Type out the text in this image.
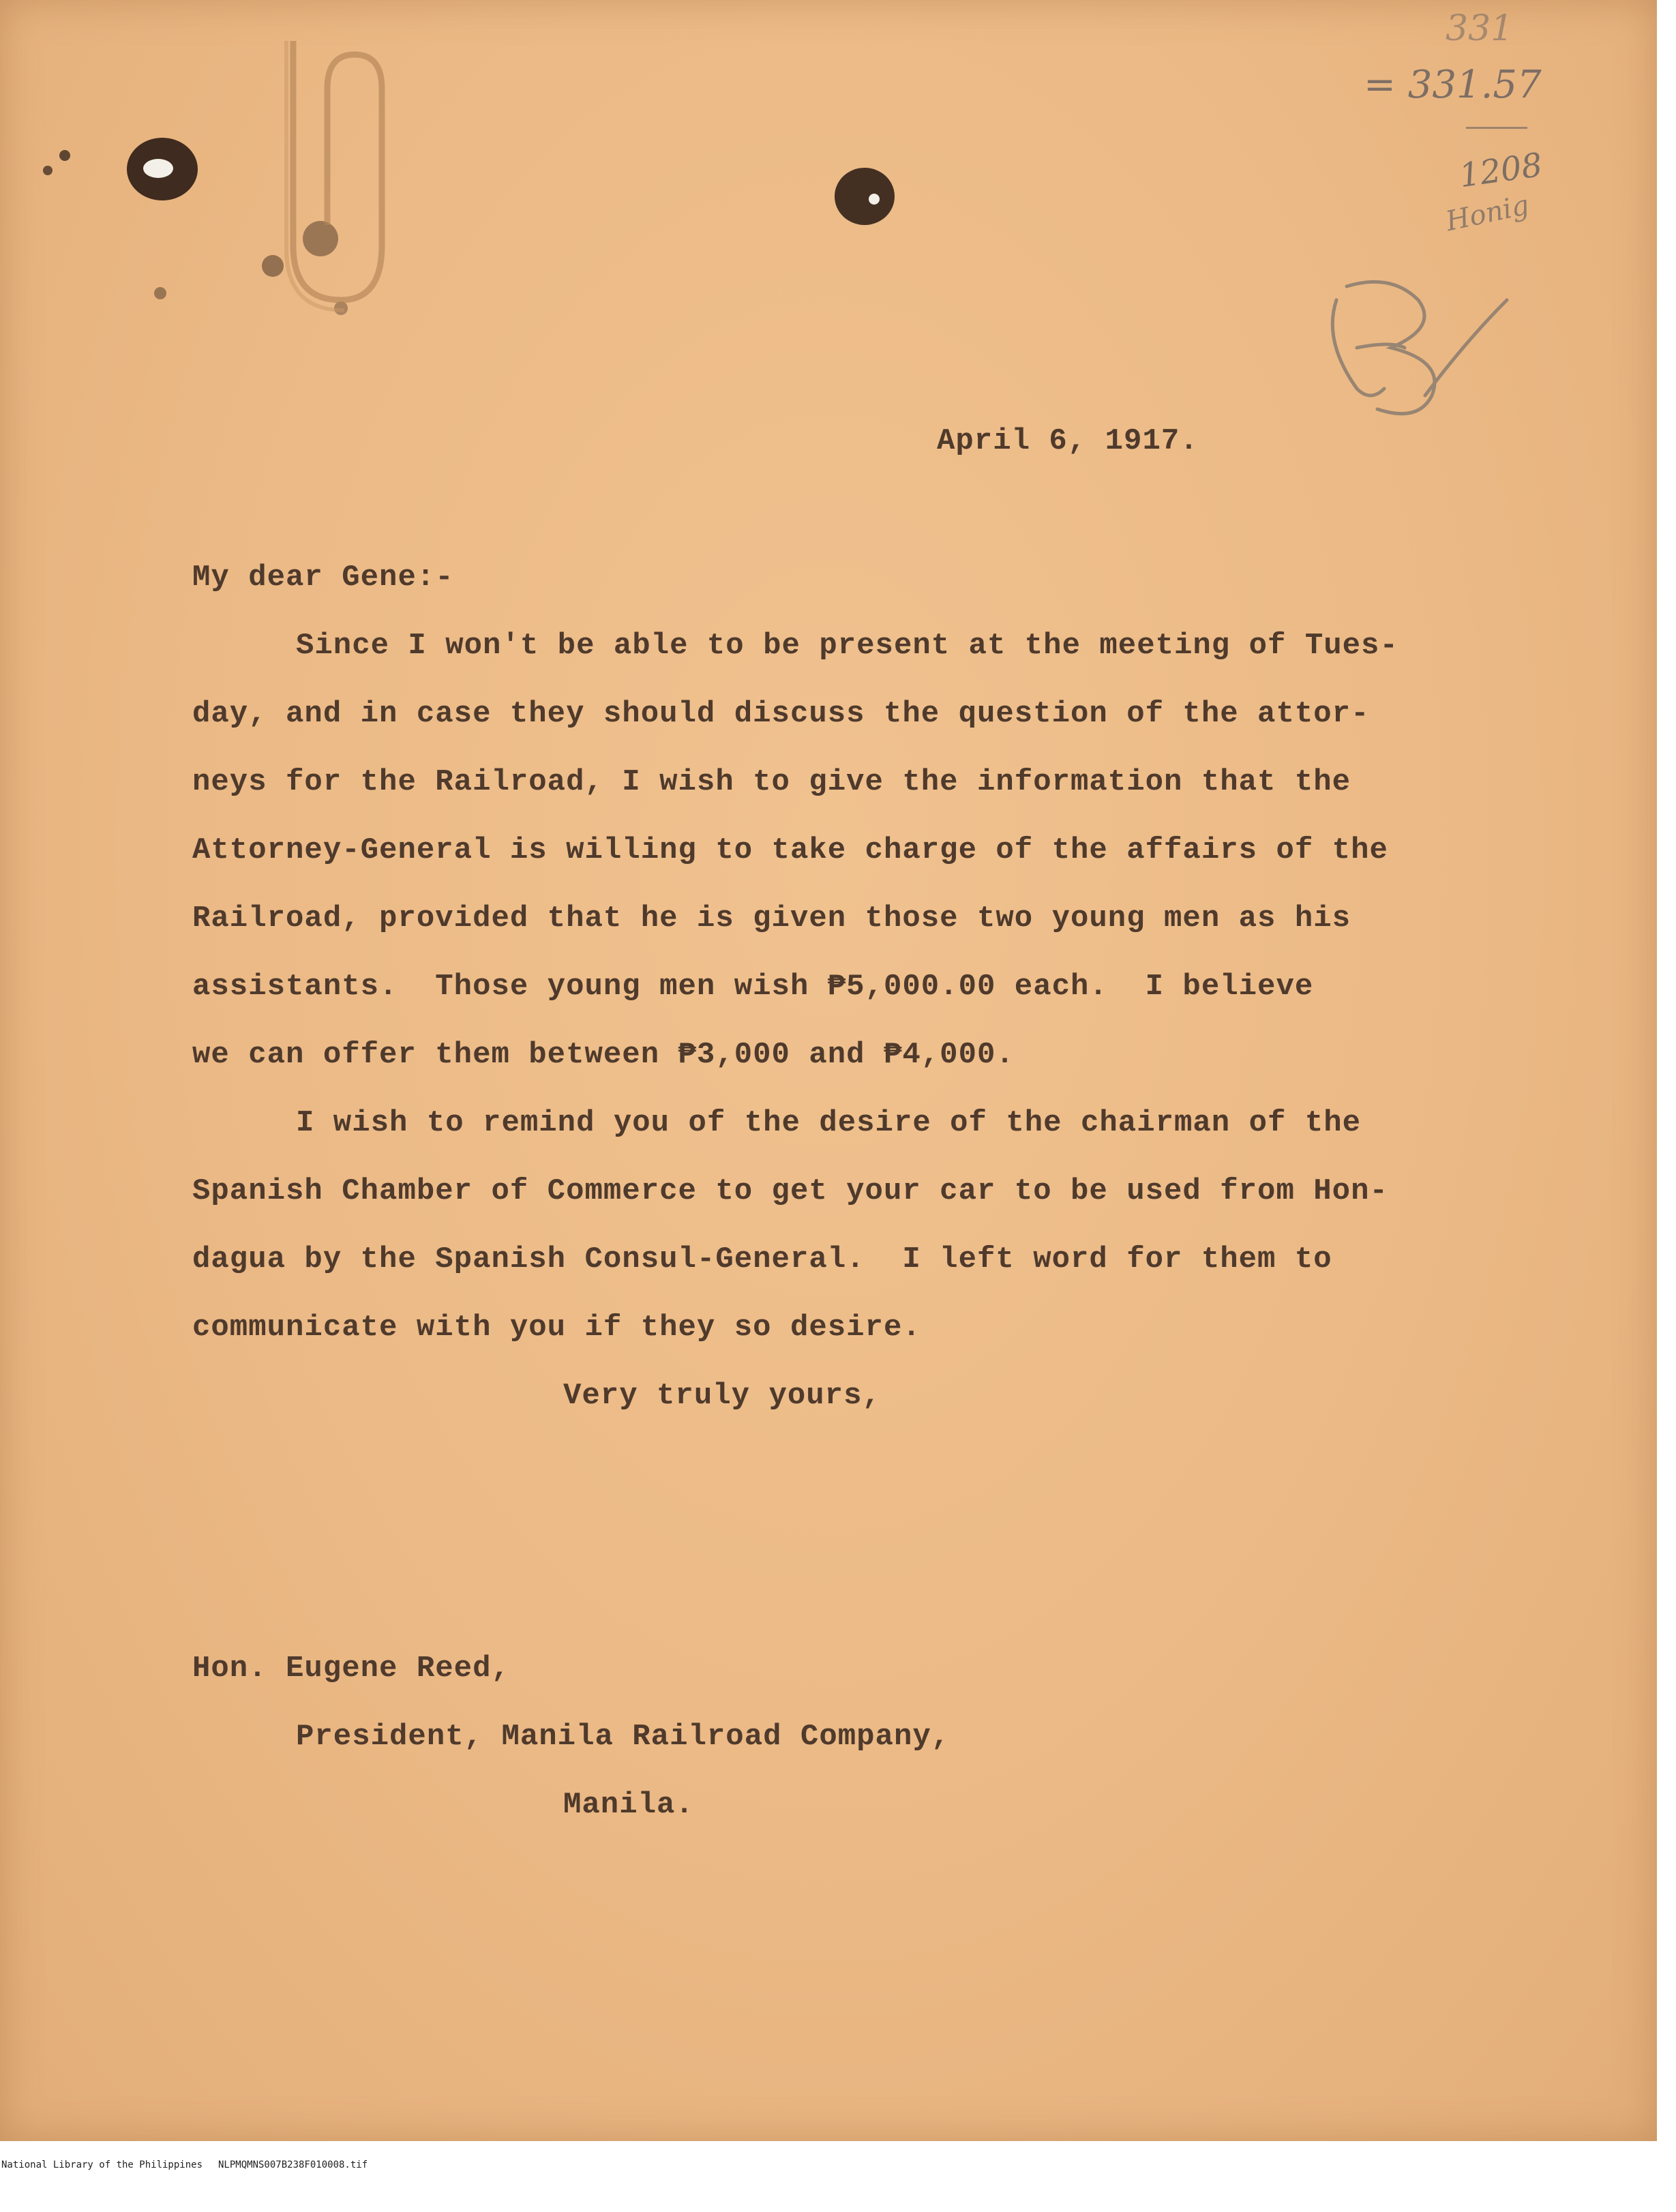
331
= 331.57
1208
Honig
April 6, 1917.
My dear Gene:-
Since I won't be able to be present at the meeting of Tues-
day, and in case they should discuss the question of the attor-
neys for the Railroad, I wish to give the information that the
Attorney-General is willing to take charge of the affairs of the
Railroad, provided that he is given those two young men as his
assistants.  Those young men wish ₱5,000.00 each.  I believe
we can offer them between ₱3,000 and ₱4,000.
I wish to remind you of the desire of the chairman of the
Spanish Chamber of Commerce to get your car to be used from Hon-
dagua by the Spanish Consul-General.  I left word for them to
communicate with you if they so desire.
Very truly yours,
Hon. Eugene Reed,
President, Manila Railroad Company,
Manila.

National Library of the Philippines

NLPMQMNS007B238F010008.tif
